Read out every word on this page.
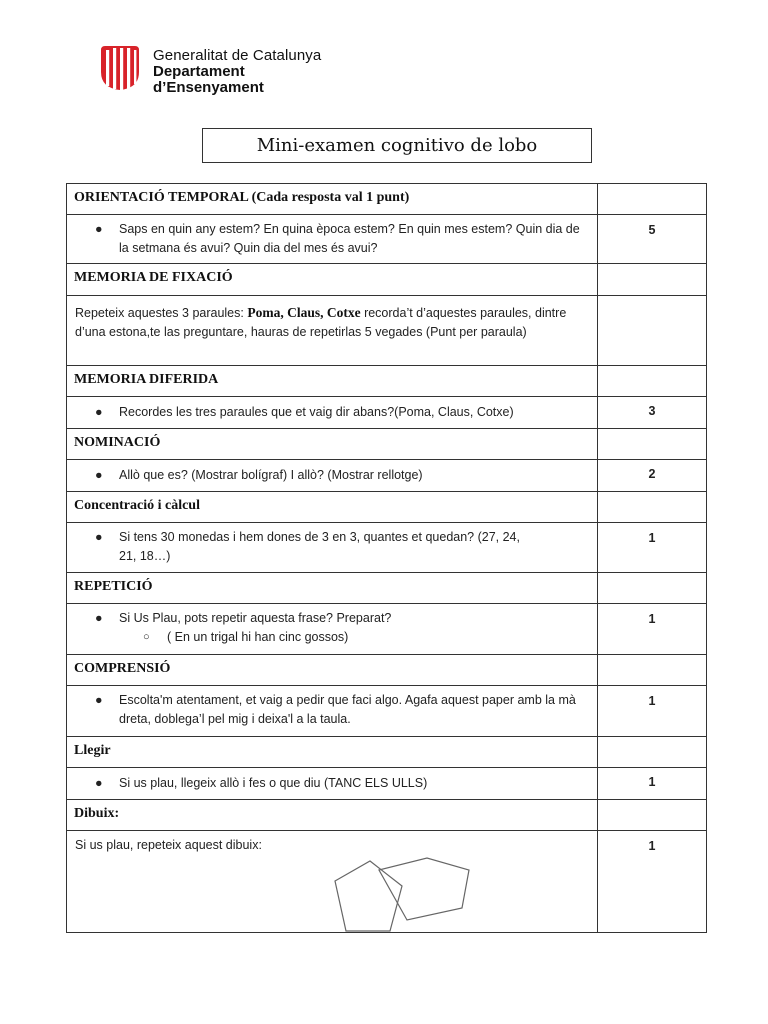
Generalitat de Catalunya
Departament
d’Ensenyament
Mini-examen cognitivo de lobo
ORIENTACIÓ TEMPORAL (Cada resposta val 1 punt)	

● Saps en quin any estem? En quina època estem? En quin mes estem? Quin dia de la setmana és avui? Quin dia del mes és avui?	5

MEMORIA DE FIXACIÓ	

Repeteix aquestes 3 paraules: Poma, Claus, Cotxe recorda’t d’aquestes paraules, dintre d’una estona,te las preguntare, hauras de repetirlas 5 vegades (Punt per paraula)	

MEMORIA DIFERIDA	

● Recordes les tres paraules que et vaig dir abans?(Poma, Claus, Cotxe)	3

NOMINACIÓ	

● Allò que es? (Mostrar bolígraf) I allò? (Mostrar rellotge)	2

Concentració i càlcul	

● Si tens 30 monedas i hem dones de 3 en 3, quantes et quedan? (27, 24, 21, 18…)	1

REPETICIÓ	

● Si Us Plau, pots repetir aquesta frase? Preparat?
○ ( En un trigal hi han cinc gossos)	1

COMPRENSIÓ	

● Escolta'm atentament, et vaig a pedir que faci algo. Agafa aquest paper amb la mà dreta, doblega’l pel mig i deixa'l a la taula.	1

Llegir	

● Si us plau, llegeix allò i fes o que diu (TANC ELS ULLS)	1

Dibuix:	

Si us plau, repeteix aquest dibuix:	1
